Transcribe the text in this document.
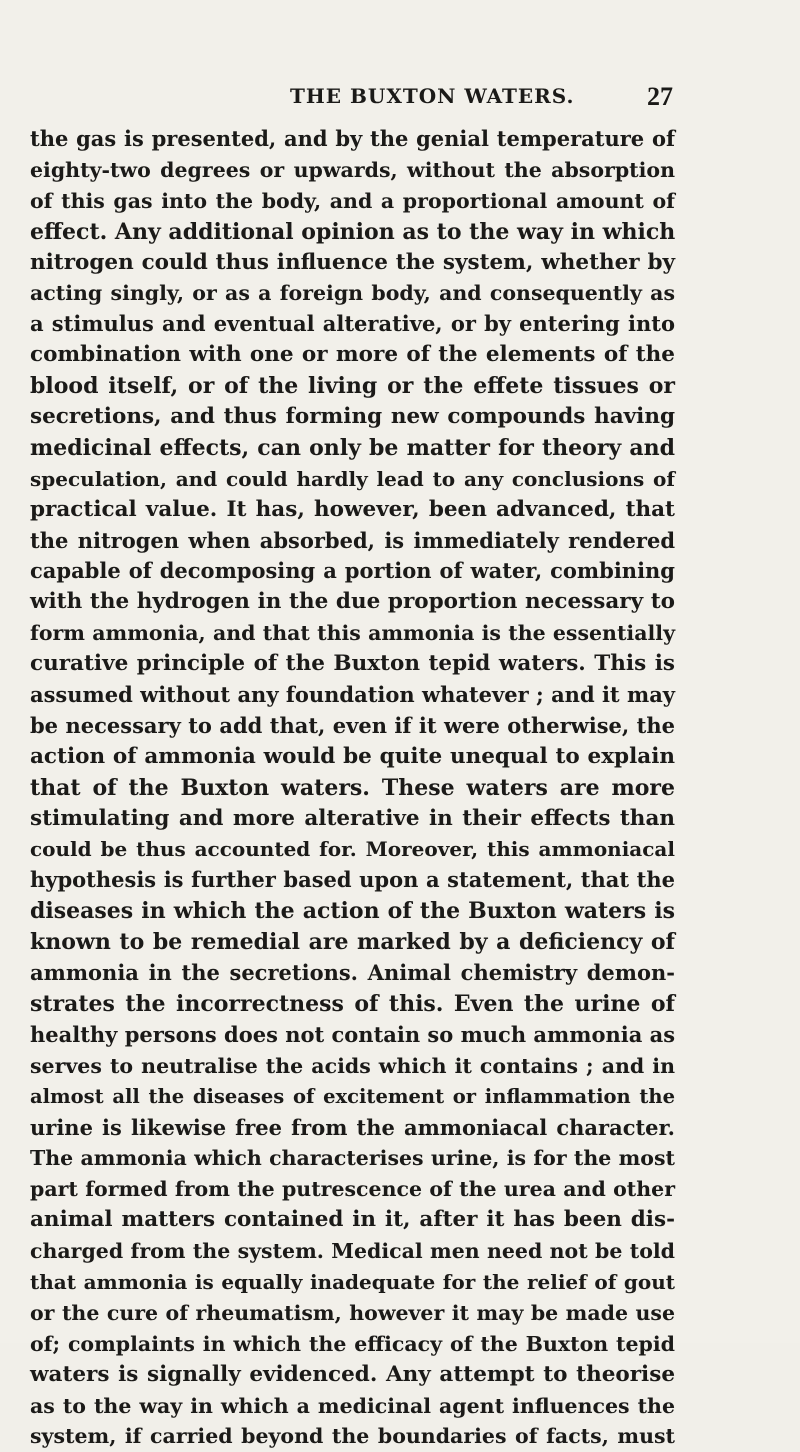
THE BUXTON WATERS.	27
the gas is presented, and by the genial temperature of
eighty-two degrees or upwards, without the absorption
of this gas into the body, and a proportional amount of
effect. Any additional opinion as to the way in which
nitrogen could thus influence the system, whether by
acting singly, or as a foreign body, and consequently as
a stimulus and eventual alterative, or by entering into
combination with one or more of the elements of the
blood itself, or of the living or the effete tissues or
secretions, and thus forming new compounds having
medicinal effects, can only be matter for theory and
speculation, and could hardly lead to any conclusions of
practical value. It has, however, been advanced, that
the nitrogen when absorbed, is immediately rendered
capable of decomposing a portion of water, combining
with the hydrogen in the due proportion necessary to
form ammonia, and that this ammonia is the essentially
curative principle of the Buxton tepid waters. This is
assumed without any foundation whatever ; and it may
be necessary to add that, even if it were otherwise, the
action of ammonia would be quite unequal to explain
that of the Buxton waters. These waters are more
stimulating and more alterative in their effects than
could be thus accounted for. Moreover, this ammoniacal
hypothesis is further based upon a statement, that the
diseases in which the action of the Buxton waters is
known to be remedial are marked by a deficiency of
ammonia in the secretions. Animal chemistry demon-
strates the incorrectness of this. Even the urine of
healthy persons does not contain so much ammonia as
serves to neutralise the acids which it contains ; and in
almost all the diseases of excitement or inflammation the
urine is likewise free from the ammoniacal character.
The ammonia which characterises urine, is for the most
part formed from the putrescence of the urea and other
animal matters contained in it, after it has been dis-
charged from the system. Medical men need not be told
that ammonia is equally inadequate for the relief of gout
or the cure of rheumatism, however it may be made use
of; complaints in which the efficacy of the Buxton tepid
waters is signally evidenced. Any attempt to theorise
as to the way in which a medicinal agent influences the
system, if carried beyond the boundaries of facts, must
